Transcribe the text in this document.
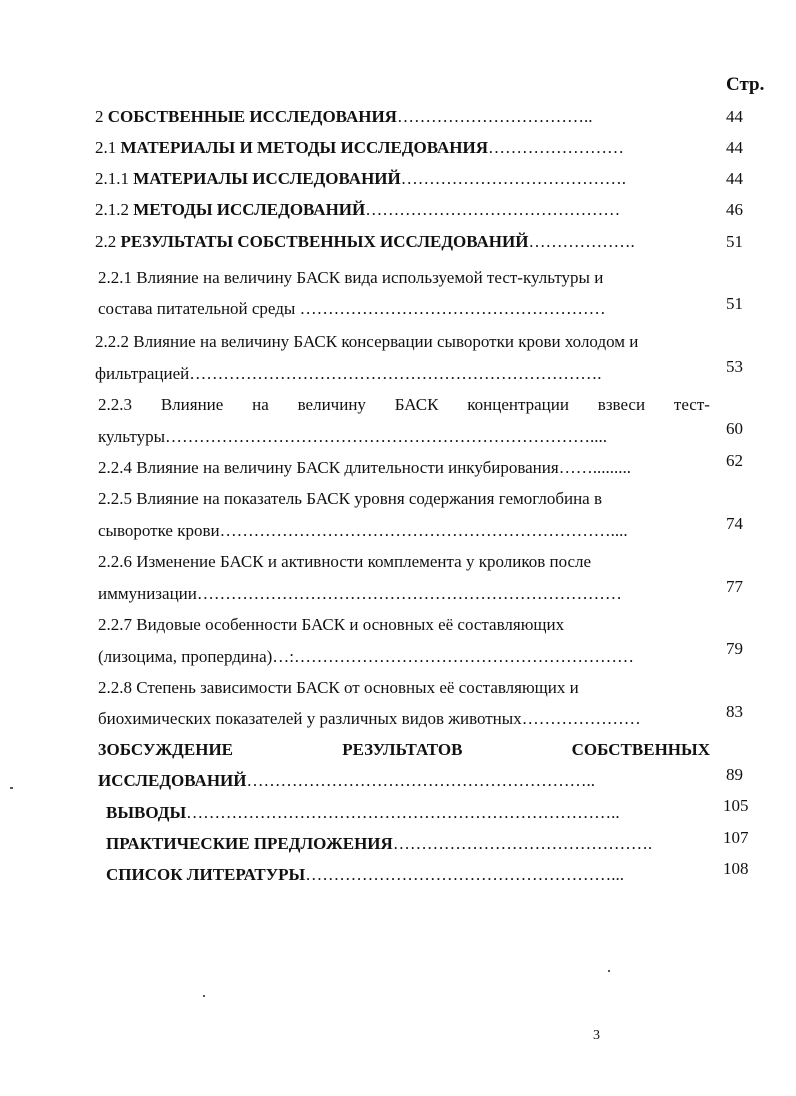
Стр.
2 СОБСТВЕННЫЕ ИССЛЕДОВАНИЯ……………………………..	44
2.1 МАТЕРИАЛЫ И МЕТОДЫ ИССЛЕДОВАНИЯ……………………	44
2.1.1 МАТЕРИАЛЫ ИССЛЕДОВАНИЙ………………………………….	44
2.1.2 МЕТОДЫ ИССЛЕДОВАНИЙ………………………………………	46
2.2 РЕЗУЛЬТАТЫ СОБСТВЕННЫХ ИССЛЕДОВАНИЙ……………….	51
2.2.1 Влияние на величину БАСК вида используемой тест-культуры и
состава питательной среды ………………………………………………	51
2.2.2 Влияние на величину БАСК консервации сыворотки крови холодом и
фильтрацией……………………………………………………………….	53
2.2.3 Влияние на величину БАСК концентрации взвеси тест-
культуры…………………………………………………………………....	60
2.2.4 Влияние на величину БАСК длительности инкубирования…….........	62
2.2.5 Влияние на показатель БАСК уровня содержания гемоглобина в
сыворотке крови……………………………………………………………....	74
2.2.6 Изменение БАСК и активности комплемента у кроликов после
иммунизации…………………………………………………………………	77
2.2.7 Видовые особенности БАСК и основных её составляющих
(лизоцима, пропердина)…:……………………………………………………	79
2.2.8 Степень зависимости БАСК от основных её составляющих и
биохимических показателей у различных видов животных…………………	83
3ОБСУЖДЕНИЕ	РЕЗУЛЬТАТОВ	СОБСТВЕННЫХ
ИССЛЕДОВАНИЙ……………………………………………………..	89
ВЫВОДЫ…………………………………………………………………..	105
ПРАКТИЧЕСКИЕ ПРЕДЛОЖЕНИЯ……………………………………….	107
СПИСОК ЛИТЕРАТУРЫ………………………………………………...	108
3
